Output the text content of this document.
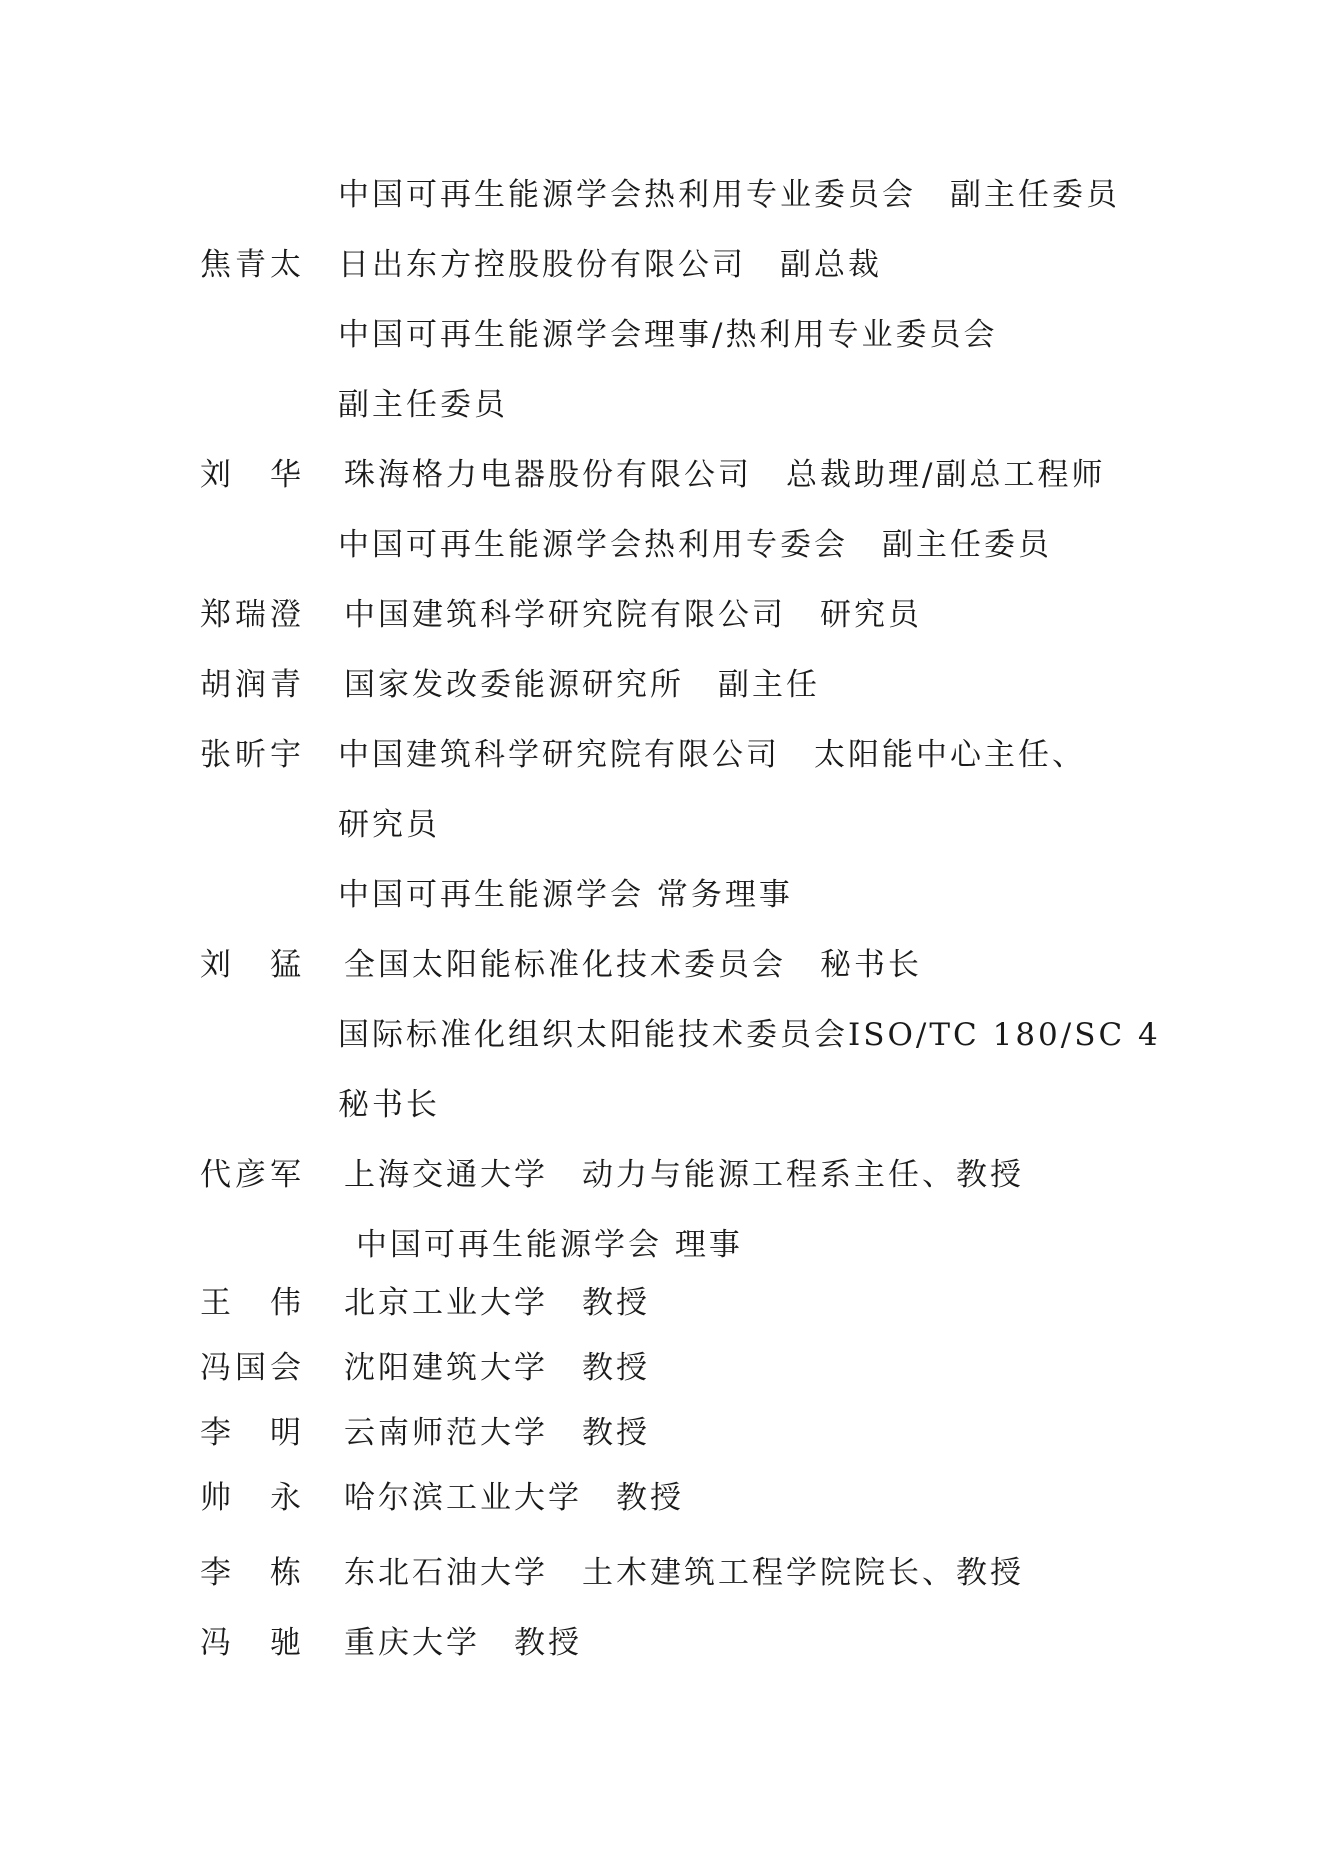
中国可再生能源学会热利用专业委员会　副主任委员
焦青太 日出东方控股股份有限公司　副总裁
中国可再生能源学会理事/热利用专业委员会
副主任委员
刘　华 珠海格力电器股份有限公司　总裁助理/副总工程师
中国可再生能源学会热利用专委会　副主任委员
郑瑞澄 中国建筑科学研究院有限公司　研究员
胡润青 国家发改委能源研究所　副主任
张昕宇 中国建筑科学研究院有限公司　太阳能中心主任、
研究员
中国可再生能源学会 常务理事
刘　猛 全国太阳能标准化技术委员会　秘书长
国际标准化组织太阳能技术委员会ISO/TC 180/SC 4
秘书长
代彦军 上海交通大学　动力与能源工程系主任、教授
中国可再生能源学会 理事
王　伟 北京工业大学　教授
冯国会 沈阳建筑大学　教授
李　明 云南师范大学　教授
帅　永 哈尔滨工业大学　教授
李　栋 东北石油大学　土木建筑工程学院院长、教授
冯　驰 重庆大学　教授
